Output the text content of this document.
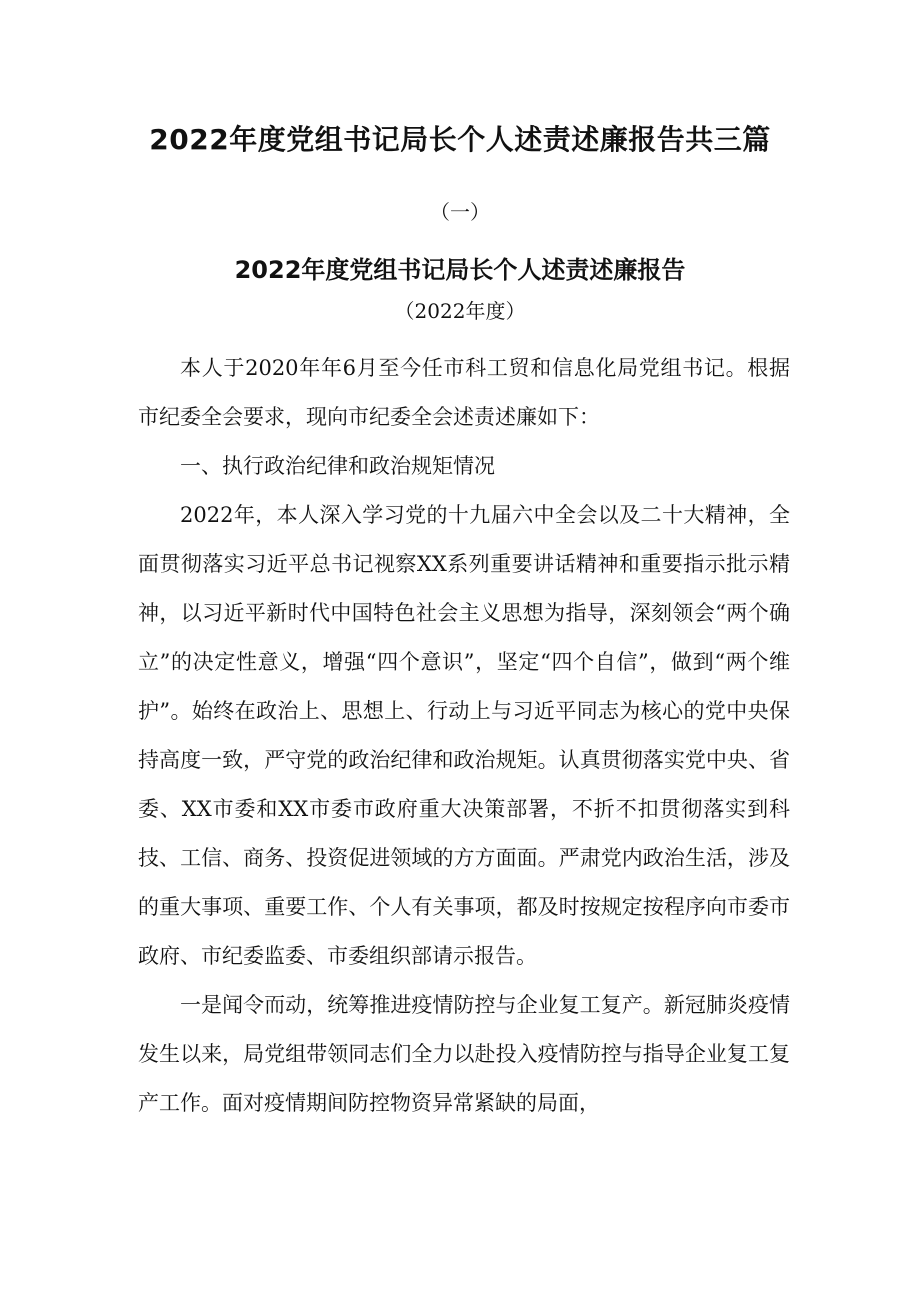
2022年度党组书记局长个人述责述廉报告共三篇
（一）
2022年度党组书记局长个人述责述廉报告
（2022年度）

本人于2020年年6月至今任市科工贸和信息化局党组书记。根据市纪委全会要求，现向市纪委全会述责述廉如下：

一、执行政治纪律和政治规矩情况

2022年，本人深入学习党的十九届六中全会以及二十大精神，全面贯彻落实习近平总书记视察XX系列重要讲话精神和重要指示批示精神，以习近平新时代中国特色社会主义思想为指导，深刻领会“两个确立”的决定性意义，增强“四个意识”，坚定“四个自信”，做到“两个维护”。始终在政治上、思想上、行动上与习近平同志为核心的党中央保持高度一致，严守党的政治纪律和政治规矩。认真贯彻落实党中央、省委、XX市委和XX市委市政府重大决策部署，不折不扣贯彻落实到科技、工信、商务、投资促进领域的方方面面。严肃党内政治生活，涉及的重大事项、重要工作、个人有关事项，都及时按规定按程序向市委市政府、市纪委监委、市委组织部请示报告。

一是闻令而动，统筹推进疫情防控与企业复工复产。新冠肺炎疫情发生以来，局党组带领同志们全力以赴投入疫情防控与指导企业复工复产工作。面对疫情期间防控物资异常紧缺的局面，
